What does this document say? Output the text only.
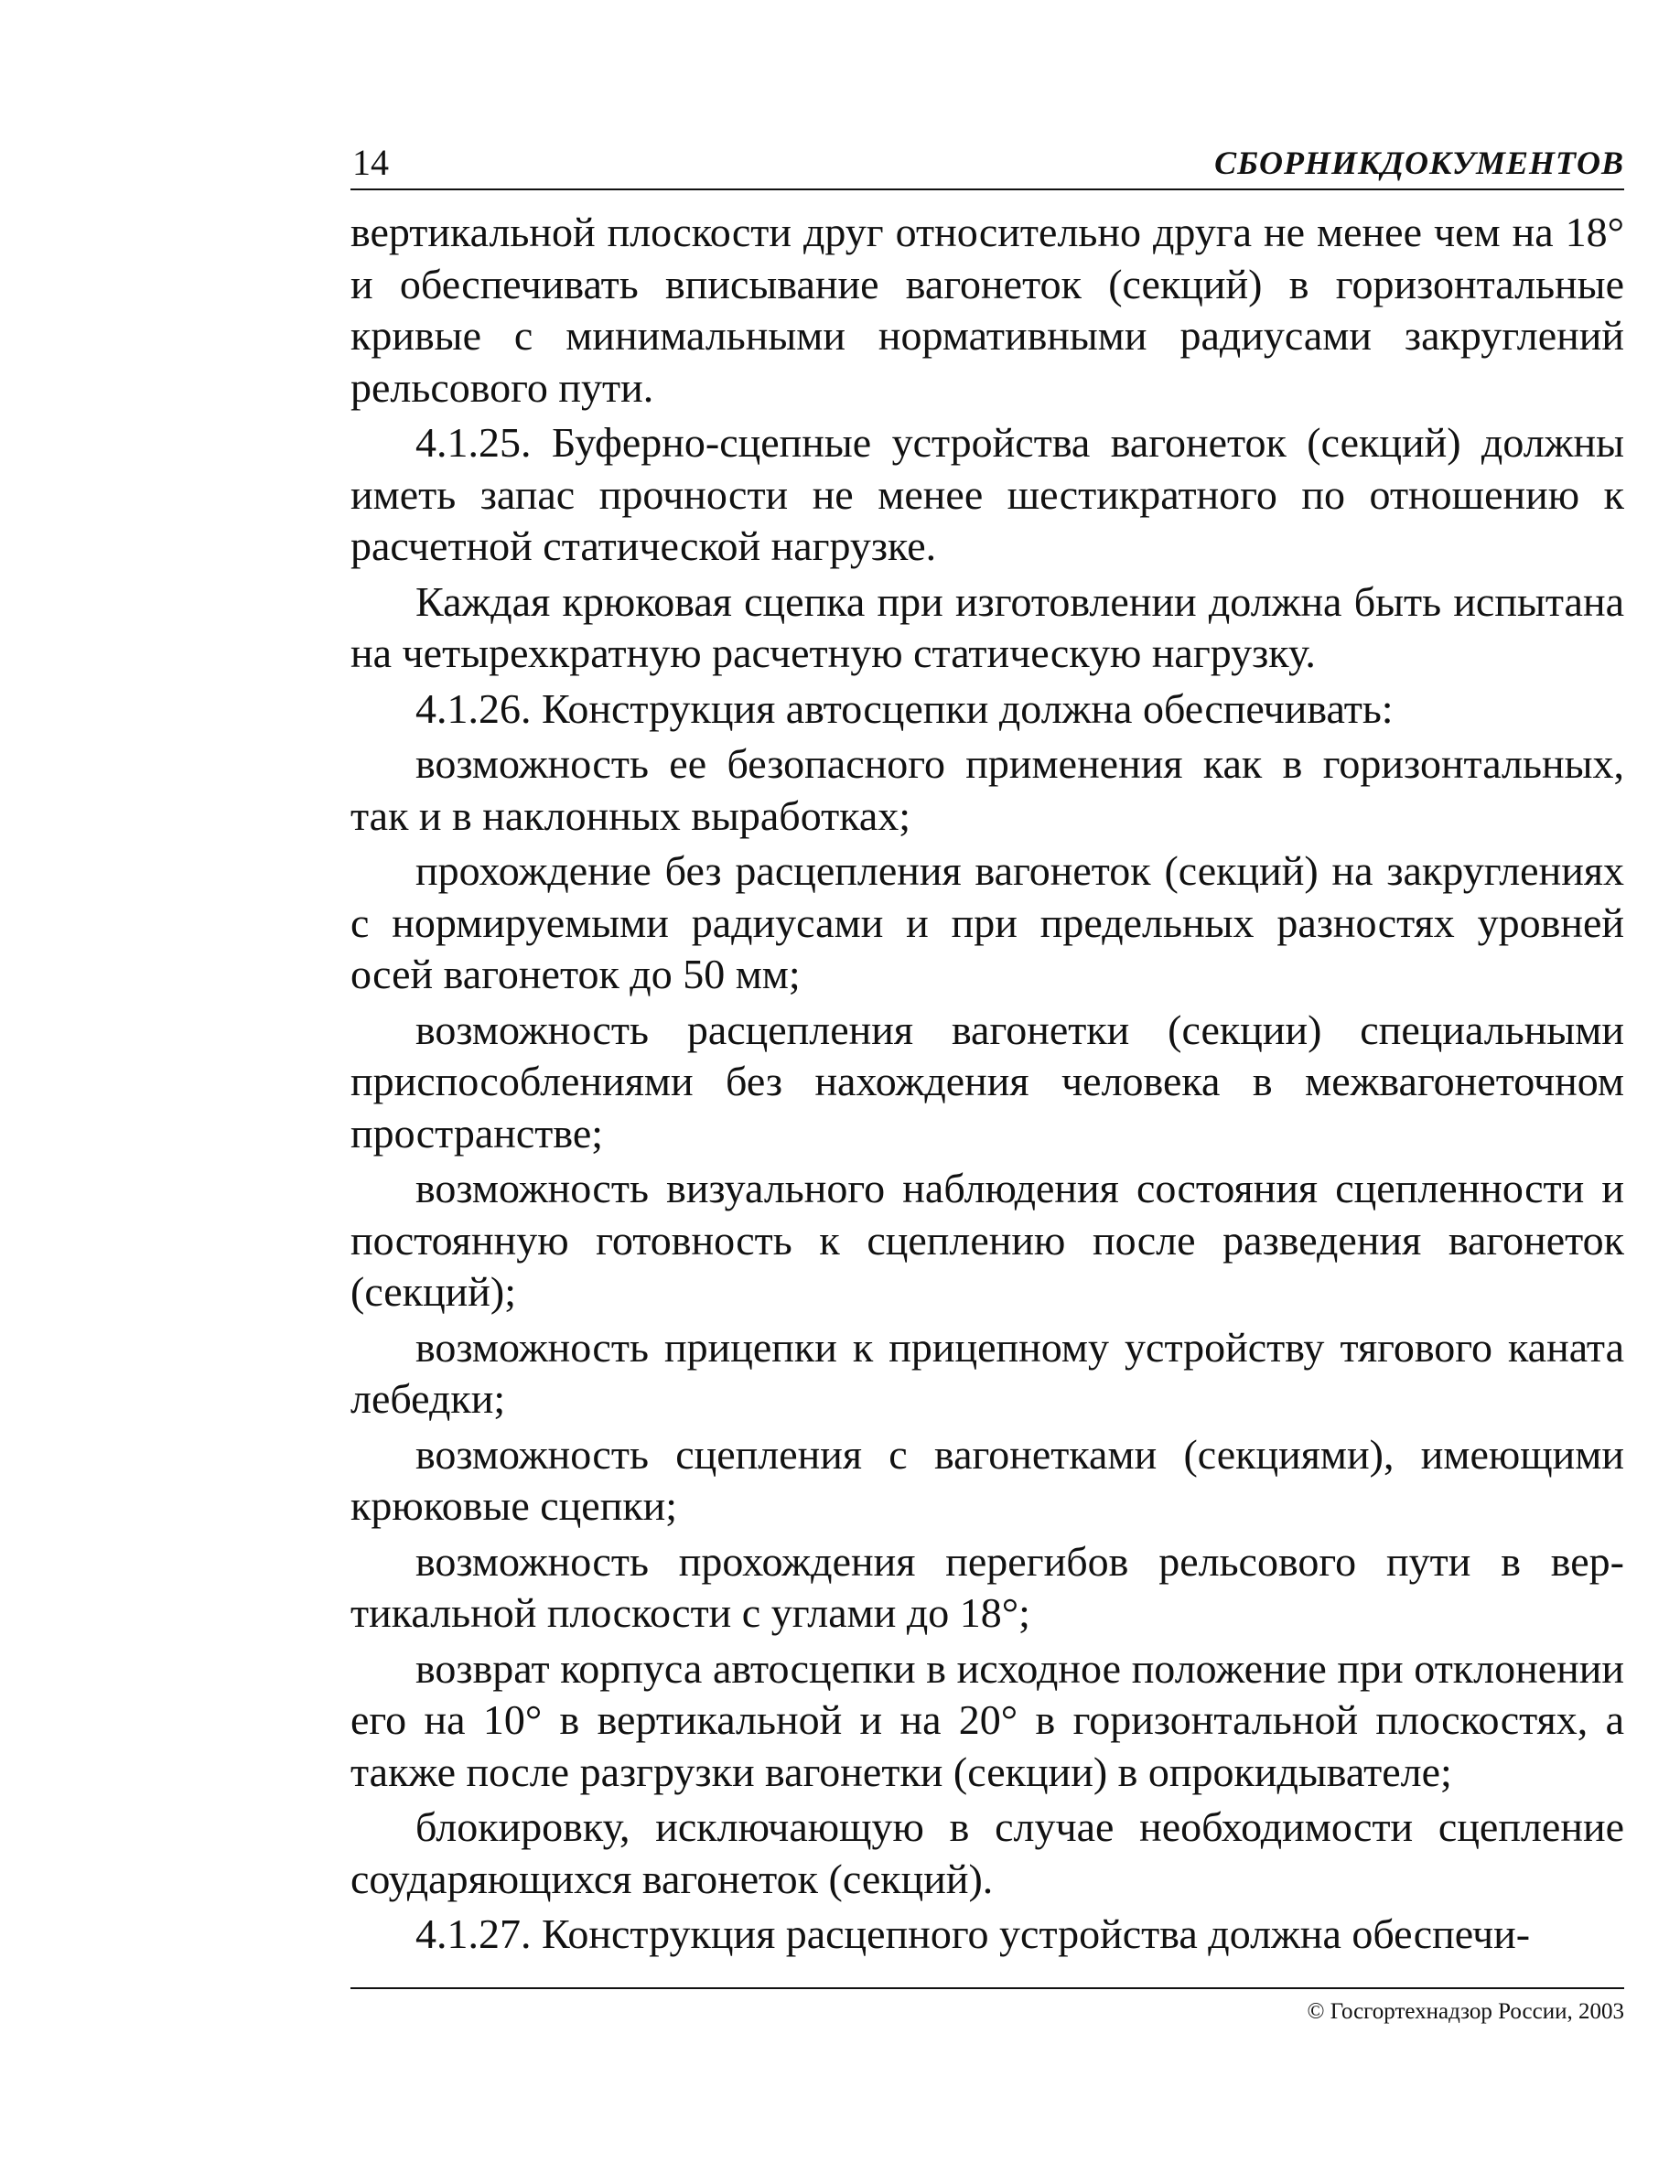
14	СБОРНИКДОКУМЕНТОВ

вертикальной плоскости друг относительно друга не менее чем на 18° и обеспечивать вписывание вагонеток (секций) в горизонтальные кривые с минимальными нормативными радиусами закруглений рельсового пути.

4.1.25. Буферно-сцепные устройства вагонеток (секций) должны иметь запас прочности не менее шестикратного по отношению к расчетной статической нагрузке.

Каждая крюковая сцепка при изготовлении должна быть испытана на четырехкратную расчетную статическую нагрузку.

4.1.26. Конструкция автосцепки должна обеспечивать:

возможность ее безопасного применения как в горизонтальных, так и в наклонных выработках;

прохождение без расцепления вагонеток (секций) на закруглениях с нормируемыми радиусами и при предельных разностях уровней осей вагонеток до 50 мм;

возможность расцепления вагонетки (секции) специальными приспособлениями без нахождения человека в межвагонеточном пространстве;

возможность визуального наблюдения состояния сцепленности и постоянную готовность к сцеплению после разведения вагонеток (секций);

возможность прицепки к прицепному устройству тягового каната лебедки;

возможность сцепления с вагонетками (секциями), имеющими крюковые сцепки;

возможность прохождения перегибов рельсового пути в вертикальной плоскости с углами до 18°;

возврат корпуса автосцепки в исходное положение при отклонении его на 10° в вертикальной и на 20° в горизонтальной плоскостях, а также после разгрузки вагонетки (секции) в опрокидывателе;

блокировку, исключающую в случае необходимости сцепление соударяющихся вагонеток (секций).

4.1.27. Конструкция расцепного устройства должна обеспечи-

© Госгортехнадзор России, 2003
